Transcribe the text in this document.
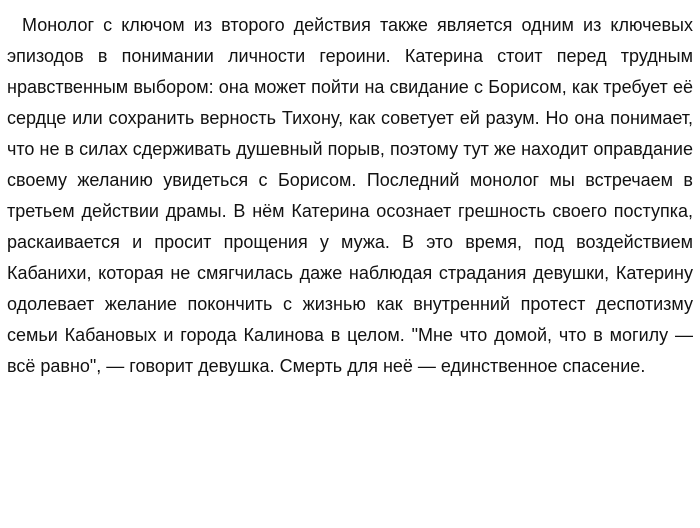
Монолог с ключом из второго действия также является одним из ключевых эпизодов в понимании личности героини. Катерина стоит перед трудным нравственным выбором: она может пойти на свидание с Борисом, как требует её сердце или сохранить верность Тихону, как советует ей разум. Но она понимает, что не в силах сдерживать душевный порыв, поэтому тут же находит оправдание своему желанию увидеться с Борисом. Последний монолог мы встречаем в третьем действии драмы. В нём Катерина осознает грешность своего поступка, раскаивается и просит прощения у мужа. В это время, под воздействием Кабанихи, которая не смягчилась даже наблюдая страдания девушки, Катерину одолевает желание покончить с жизнью как внутренний протест деспотизму семьи Кабановых и города Калинова в целом. "Мне что домой, что в могилу — всё равно", — говорит девушка. Смерть для неё — единственное спасение.
